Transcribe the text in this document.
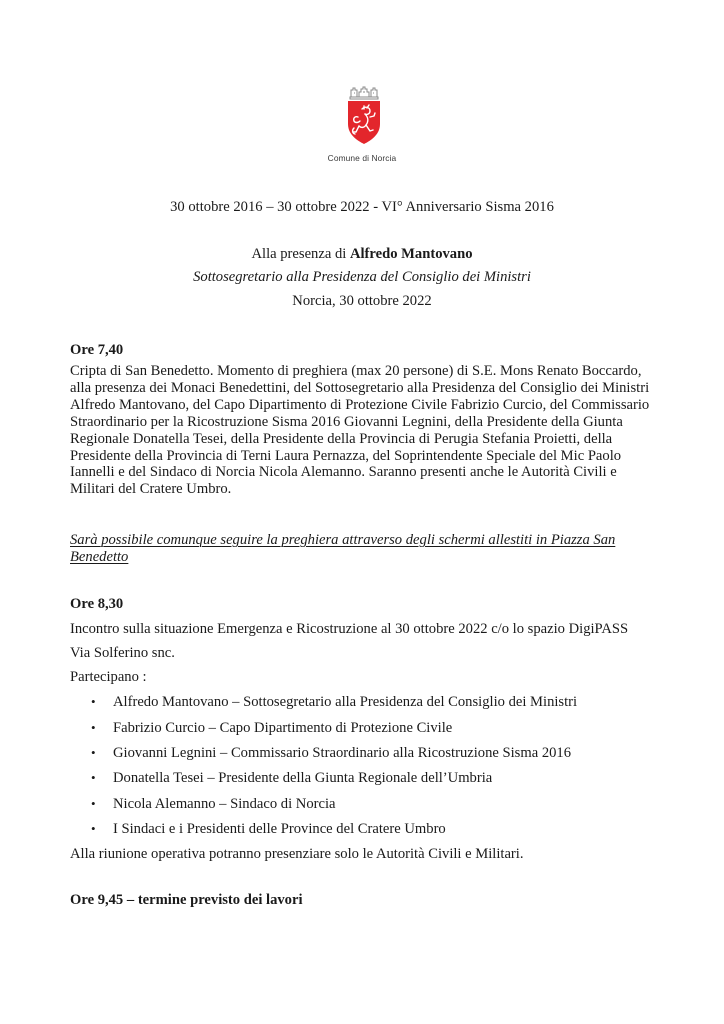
Comune di Norcia
30 ottobre 2016 – 30 ottobre 2022 - VI° Anniversario Sisma 2016
Alla presenza di Alfredo Mantovano
Sottosegretario alla Presidenza del Consiglio dei Ministri
Norcia, 30 ottobre 2022
Ore 7,40
Cripta di San Benedetto. Momento di preghiera (max 20 persone) di S.E. Mons Renato Boccardo,
alla presenza dei Monaci Benedettini, del Sottosegretario alla Presidenza del Consiglio dei Ministri
Alfredo Mantovano, del Capo Dipartimento di Protezione Civile Fabrizio Curcio, del Commissario
Straordinario per la Ricostruzione Sisma 2016 Giovanni Legnini, della Presidente della Giunta
Regionale Donatella Tesei, della Presidente della Provincia di Perugia Stefania Proietti, della
Presidente della Provincia di Terni Laura Pernazza, del Soprintendente Speciale del Mic Paolo
Iannelli e del Sindaco di Norcia Nicola Alemanno. Saranno presenti anche le Autorità Civili e
Militari del Cratere Umbro.
Sarà possibile comunque seguire la preghiera attraverso degli schermi allestiti in Piazza San
Benedetto
Ore 8,30
Incontro sulla situazione Emergenza e Ricostruzione al 30 ottobre 2022 c/o lo spazio DigiPASS
Via Solferino snc.
Partecipano :
• Alfredo Mantovano – Sottosegretario alla Presidenza del Consiglio dei Ministri
• Fabrizio Curcio – Capo Dipartimento di Protezione Civile
• Giovanni Legnini – Commissario Straordinario alla Ricostruzione Sisma 2016
• Donatella Tesei – Presidente della Giunta Regionale dell’Umbria
• Nicola Alemanno – Sindaco di Norcia
• I Sindaci e i Presidenti delle Province del Cratere Umbro
Alla riunione operativa potranno presenziare solo le Autorità Civili e Militari.
Ore 9,45 – termine previsto dei lavori
